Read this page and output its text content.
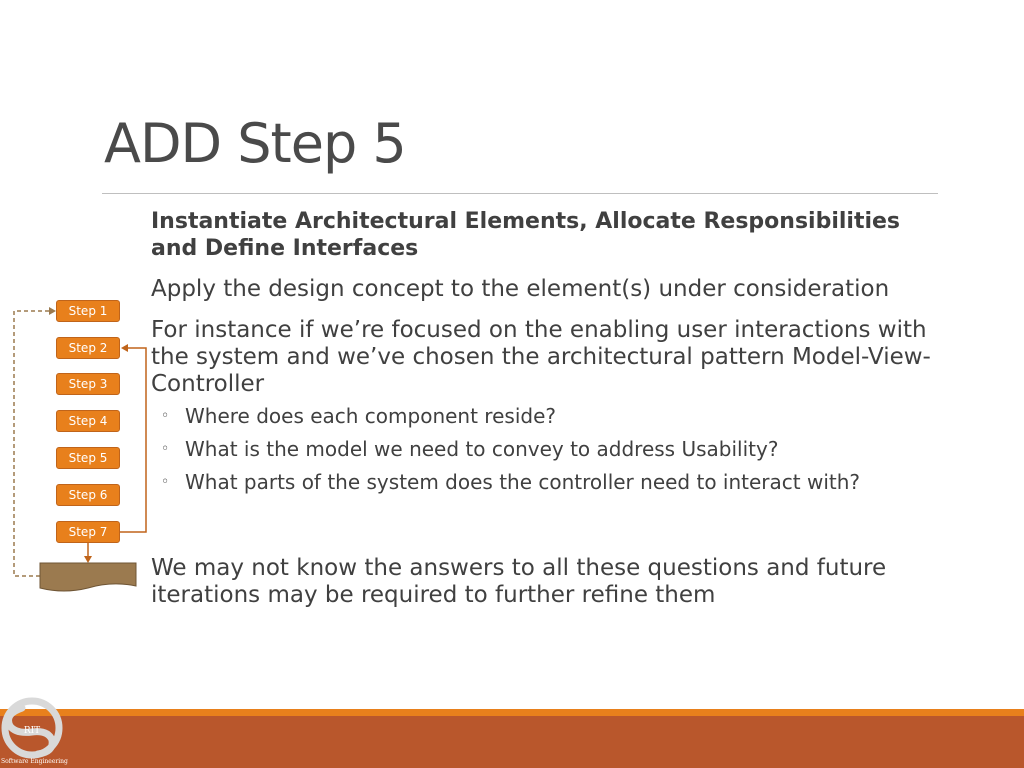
ADD Step 5

Instantiate Architectural Elements, Allocate Responsibilities and Define Interfaces

Apply the design concept to the element(s) under consideration

For instance if we’re focused on the enabling user interactions with the system and we’ve chosen the architectural pattern Model-View-Controller

◦ Where does each component reside?
◦ What is the model we need to convey to address Usability?
◦ What parts of the system does the controller need to interact with?

We may not know the answers to all these questions and future iterations may be required to further refine them

Step 1
Step 2
Step 3
Step 4
Step 5
Step 6
Step 7
RIT
Software Engineering
